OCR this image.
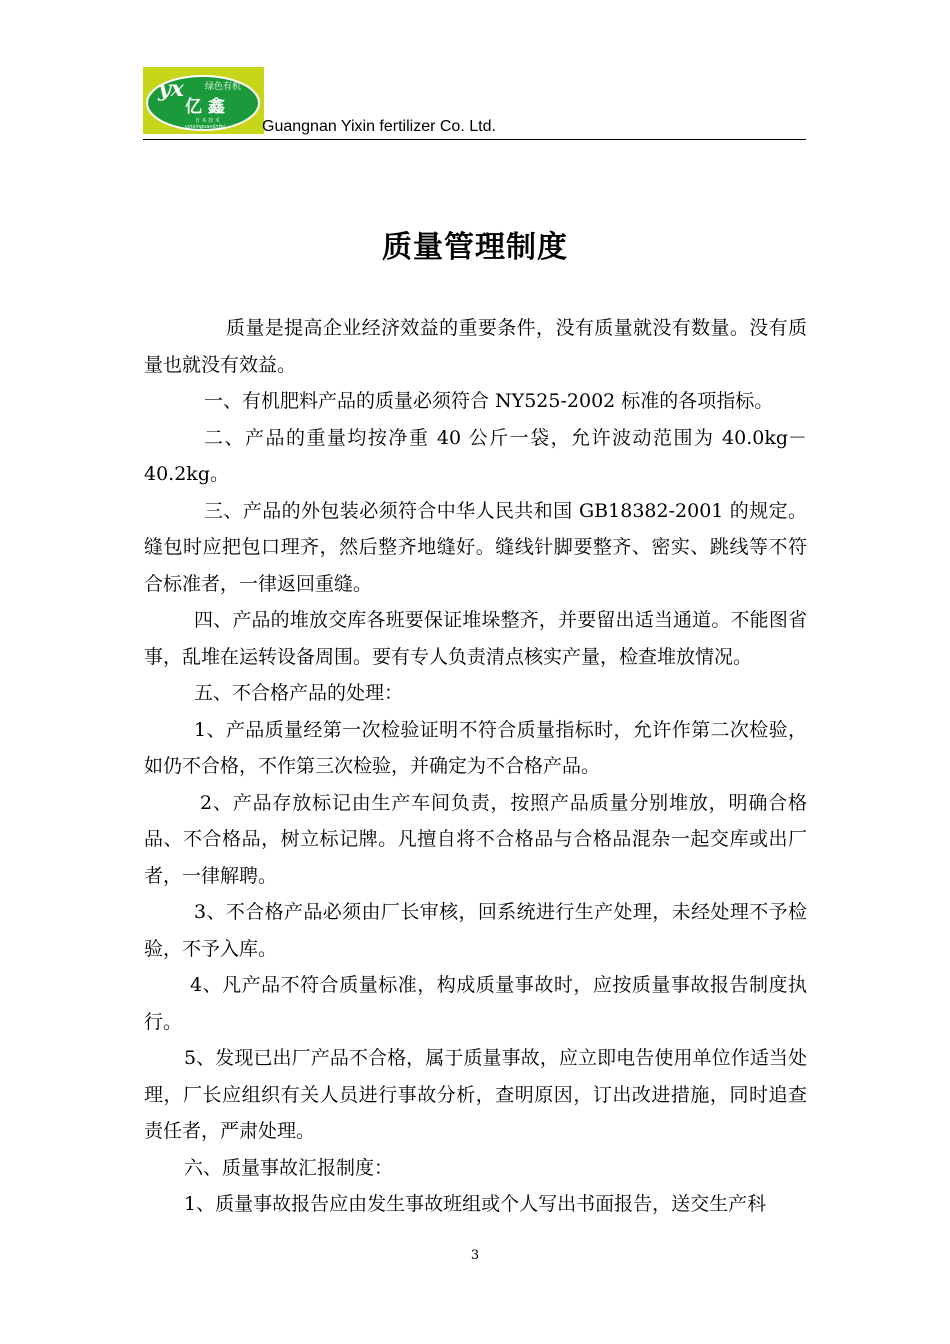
yx 绿色有机
亿 鑫
日 本 技 术
yinxinguanjinfei Guangnan Yixin fertilizer Co. Ltd.
质量管理制度

质量是提高企业经济效益的重要条件，没有质量就没有数量。没有质量也就没有效益。

一、有机肥料产品的质量必须符合 NY525-2002 标准的各项指标。

二、产品的重量均按净重 40 公斤一袋，允许波动范围为 40.0kg－40.2kg。

三、产品的外包装必须符合中华人民共和国 GB18382-2001 的规定。缝包时应把包口理齐，然后整齐地缝好。缝线针脚要整齐、密实、跳线等不符合标准者，一律返回重缝。

四、产品的堆放交库各班要保证堆垛整齐，并要留出适当通道。不能图省事，乱堆在运转设备周围。要有专人负责清点核实产量，检查堆放情况。

五、不合格产品的处理：

1、产品质量经第一次检验证明不符合质量指标时，允许作第二次检验，如仍不合格，不作第三次检验，并确定为不合格产品。

2、产品存放标记由生产车间负责，按照产品质量分别堆放，明确合格品、不合格品，树立标记牌。凡擅自将不合格品与合格品混杂一起交库或出厂者，一律解聘。

3、不合格产品必须由厂长审核，回系统进行生产处理，未经处理不予检验，不予入库。

4、凡产品不符合质量标准，构成质量事故时，应按质量事故报告制度执行。

5、发现已出厂产品不合格，属于质量事故，应立即电告使用单位作适当处理，厂长应组织有关人员进行事故分析，查明原因，订出改进措施，同时追查责任者，严肃处理。

六、质量事故汇报制度：

1、质量事故报告应由发生事故班组或个人写出书面报告，送交生产科

3
